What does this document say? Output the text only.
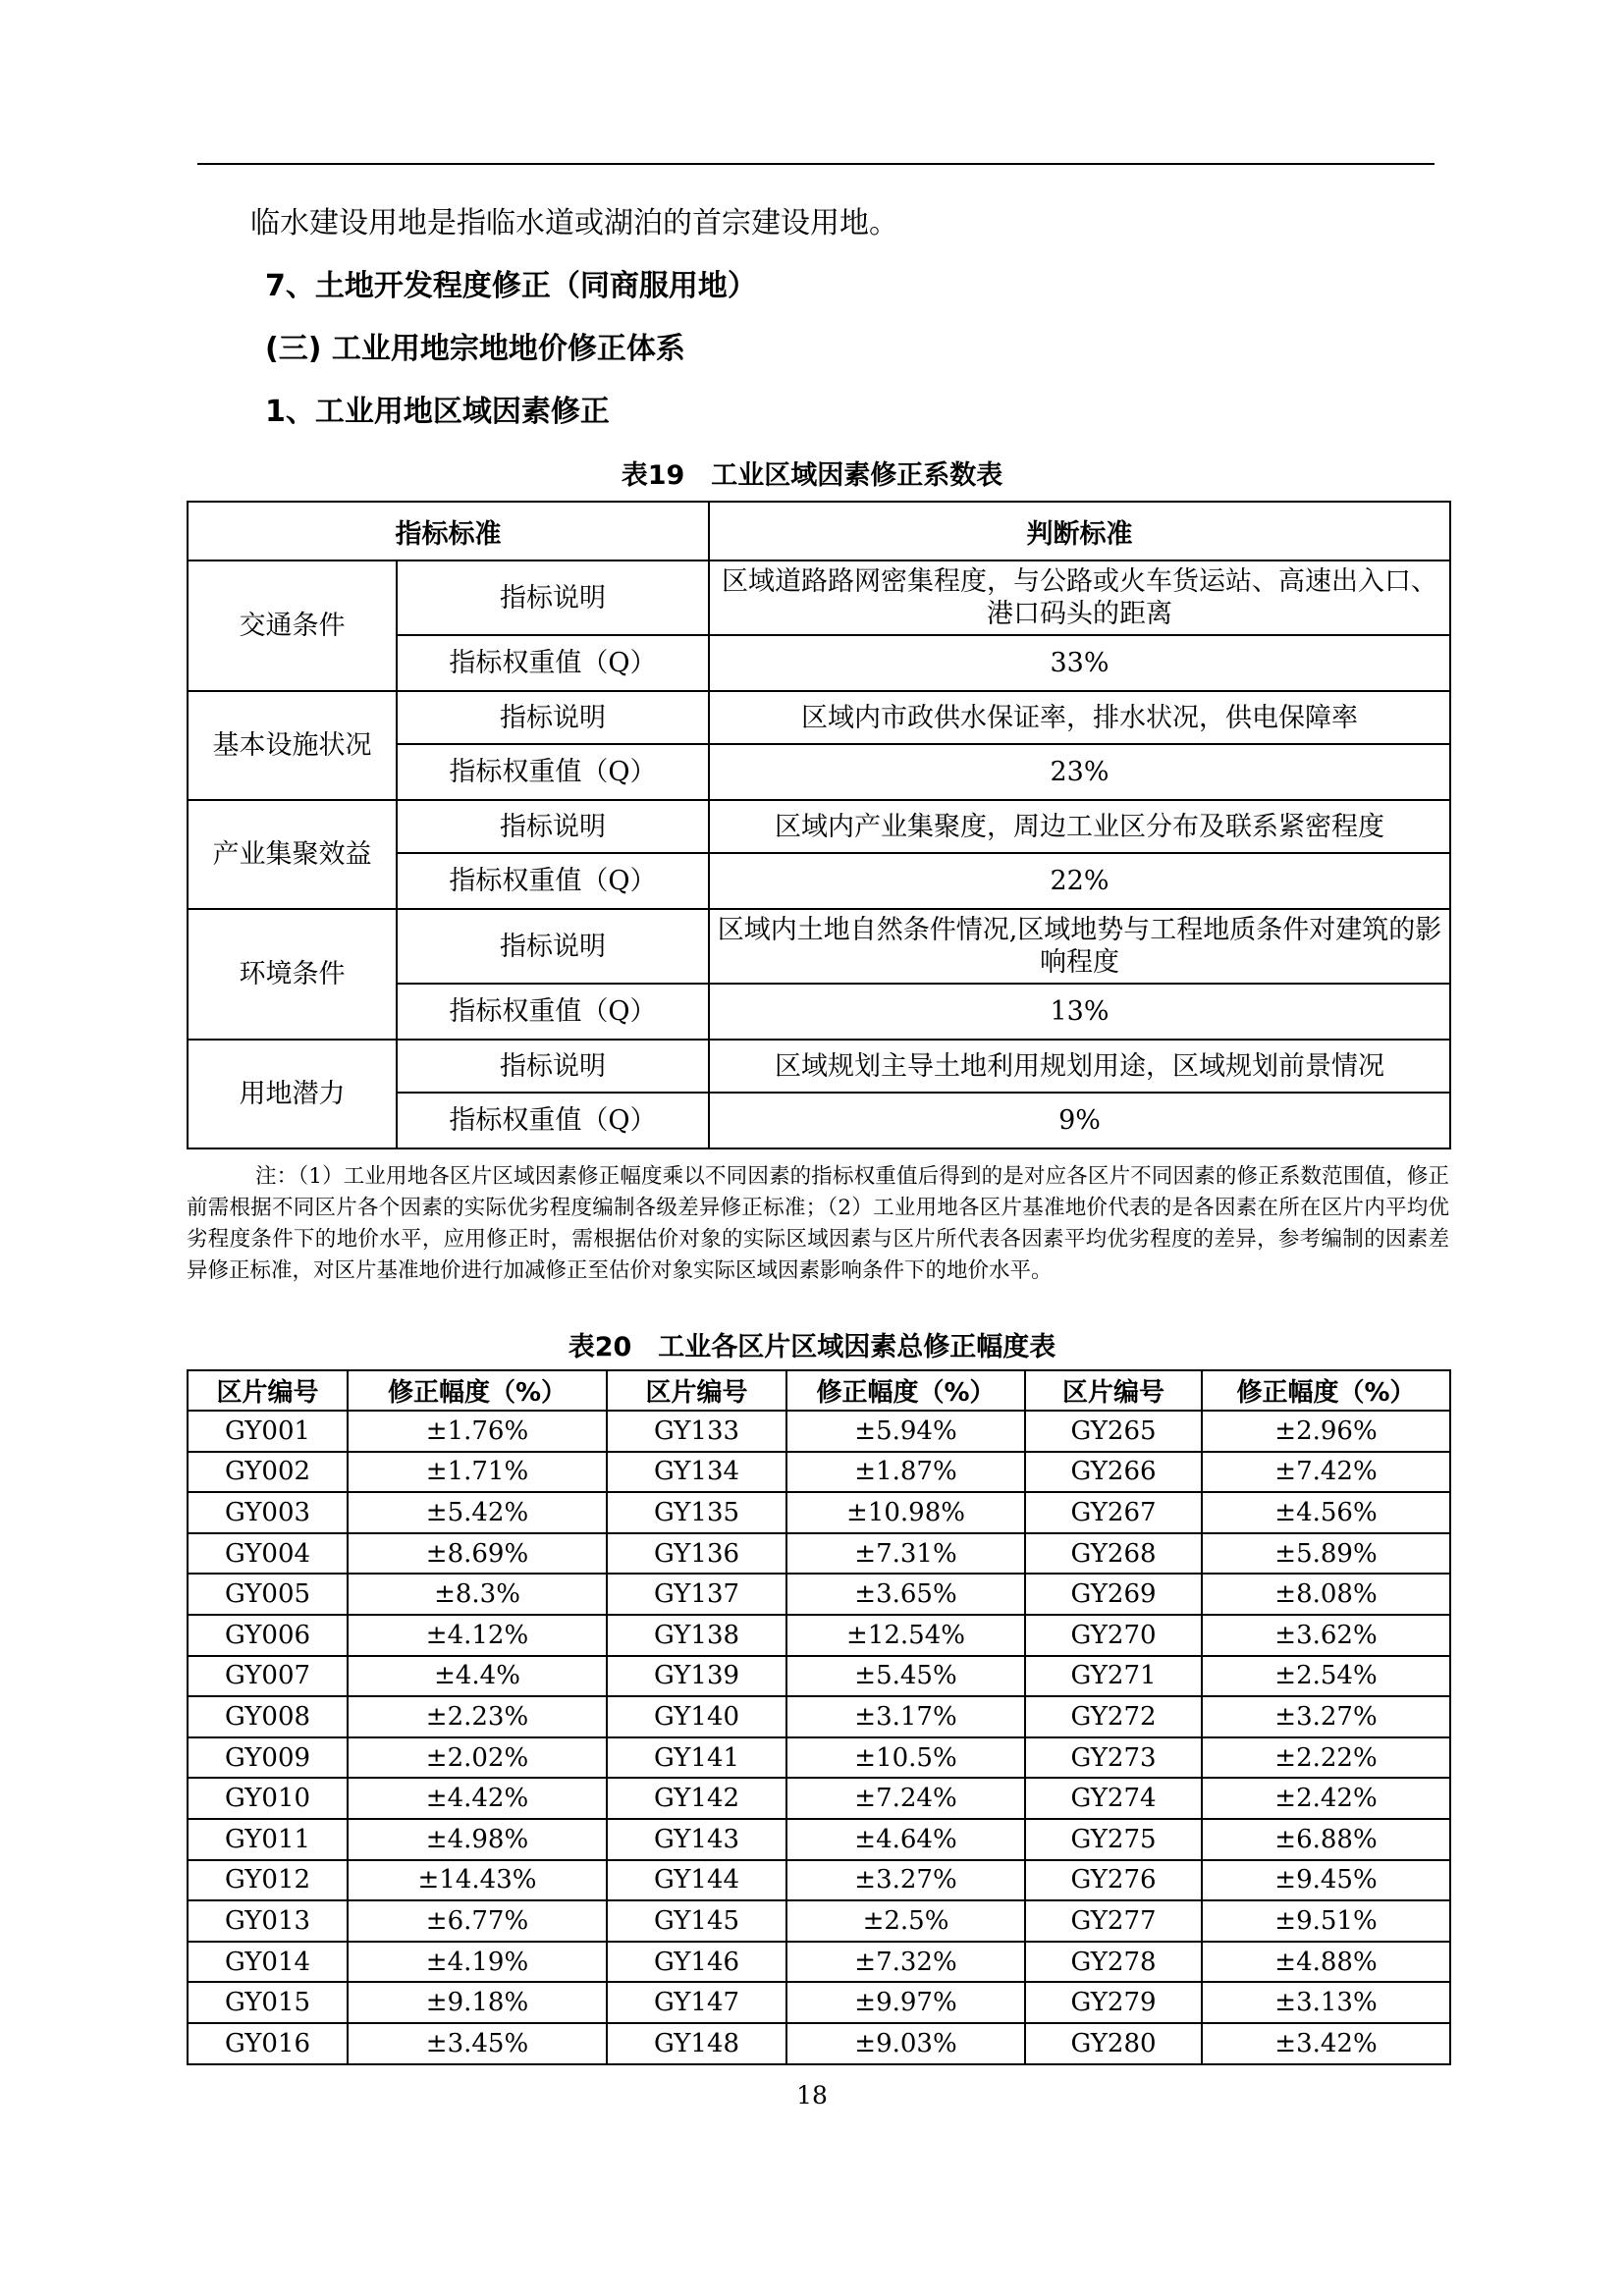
临水建设用地是指临水道或湖泊的首宗建设用地。
7、土地开发程度修正（同商服用地）
(三) 工业用地宗地地价修正体系
1、工业用地区域因素修正
表19　工业区域因素修正系数表
指标标准		判断标准
交通条件	指标说明	区域道路路网密集程度，与公路或火车货运站、高速出入口、港口码头的距离
	指标权重值（Q）	33%
基本设施状况	指标说明	区域内市政供水保证率，排水状况，供电保障率
	指标权重值（Q）	23%
产业集聚效益	指标说明	区域内产业集聚度，周边工业区分布及联系紧密程度
	指标权重值（Q）	22%
环境条件	指标说明	区域内土地自然条件情况,区域地势与工程地质条件对建筑的影响程度
	指标权重值（Q）	13%
用地潜力	指标说明	区域规划主导土地利用规划用途，区域规划前景情况
	指标权重值（Q）	9%
注：（1）工业用地各区片区域因素修正幅度乘以不同因素的指标权重值后得到的是对应各区片不同因素的修正系数范围值，修正前需根据不同区片各个因素的实际优劣程度编制各级差异修正标准；（2）工业用地各区片基准地价代表的是各因素在所在区片内平均优劣程度条件下的地价水平，应用修正时，需根据估价对象的实际区域因素与区片所代表各因素平均优劣程度的差异，参考编制的因素差异修正标准，对区片基准地价进行加减修正至估价对象实际区域因素影响条件下的地价水平。
表20　工业各区片区域因素总修正幅度表
区片编号	修正幅度（%）	区片编号	修正幅度（%）	区片编号	修正幅度（%）
GY001	±1.76%	GY133	±5.94%	GY265	±2.96%
GY002	±1.71%	GY134	±1.87%	GY266	±7.42%
GY003	±5.42%	GY135	±10.98%	GY267	±4.56%
GY004	±8.69%	GY136	±7.31%	GY268	±5.89%
GY005	±8.3%	GY137	±3.65%	GY269	±8.08%
GY006	±4.12%	GY138	±12.54%	GY270	±3.62%
GY007	±4.4%	GY139	±5.45%	GY271	±2.54%
GY008	±2.23%	GY140	±3.17%	GY272	±3.27%
GY009	±2.02%	GY141	±10.5%	GY273	±2.22%
GY010	±4.42%	GY142	±7.24%	GY274	±2.42%
GY011	±4.98%	GY143	±4.64%	GY275	±6.88%
GY012	±14.43%	GY144	±3.27%	GY276	±9.45%
GY013	±6.77%	GY145	±2.5%	GY277	±9.51%
GY014	±4.19%	GY146	±7.32%	GY278	±4.88%
GY015	±9.18%	GY147	±9.97%	GY279	±3.13%
GY016	±3.45%	GY148	±9.03%	GY280	±3.42%
18
